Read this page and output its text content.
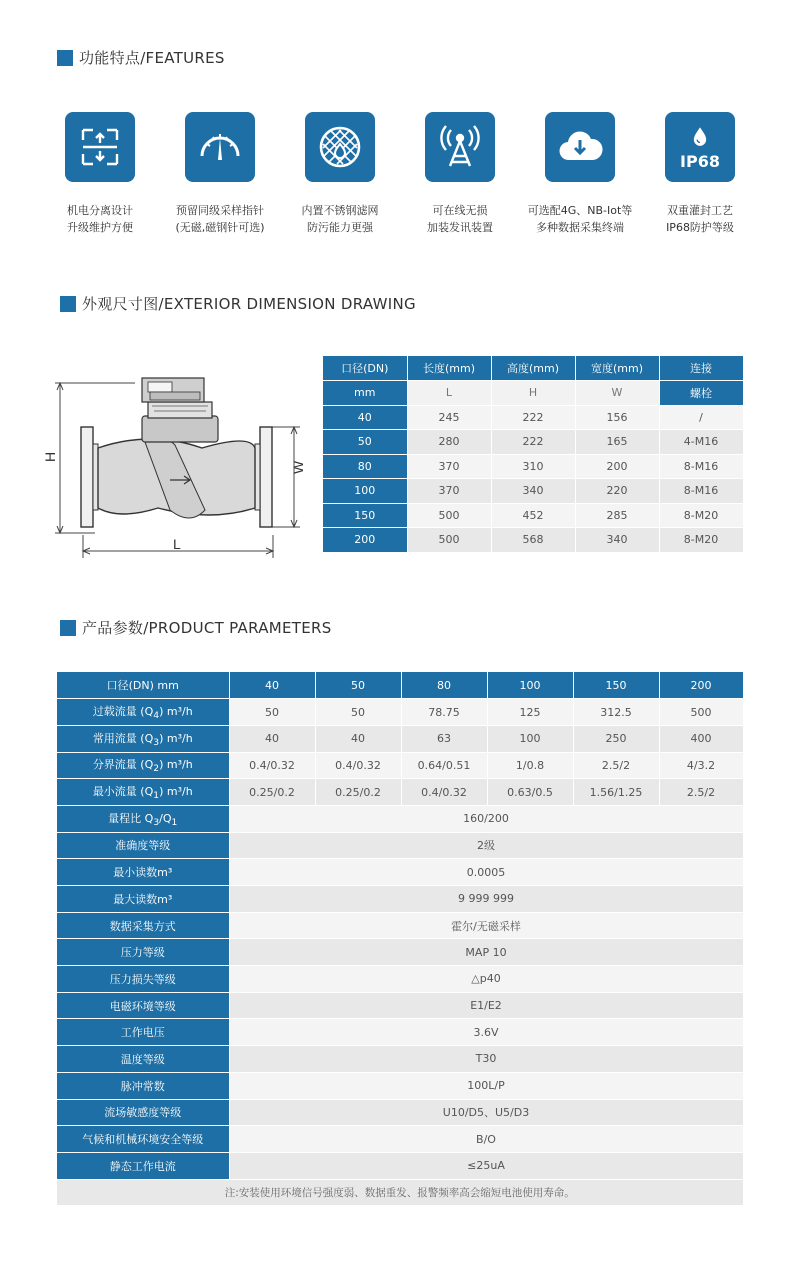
功能特点/FEATURES
外观尺寸图/EXTERIOR DIMENSION DRAWING
产品参数/PRODUCT PARAMETERS
机电分离设计
升级维护方便
预留同级采样指针
(无磁,磁钢针可选)
内置不锈钢滤网
防污能力更强
可在线无损
加装发讯装置
可选配4G、NB-Iot等
多种数据采集终端
IP68
双重灌封工艺
IP68防护等级
H
W
L
口径(DN)	长度(mm)	高度(mm)	宽度(mm)	连接
mm	L	H	W	螺栓
40	245	222	156	/
50	280	222	165	4-M16
80	370	310	200	8-M16
100	370	340	220	8-M16
150	500	452	285	8-M20
200	500	568	340	8-M20
口径(DN) mm	40	50	80	100	150	200
过载流量 $(Q_4)$ m³/h	50	50	78.75	125	312.5	500
常用流量 $(Q_3)$ m³/h	40	40	63	100	250	400
分界流量 $(Q_2)$ m³/h	0.4/0.32	0.4/0.32	0.64/0.51	1/0.8	2.5/2	4/3.2
最小流量 $(Q_1)$ m³/h	0.25/0.2	0.25/0.2	0.4/0.32	0.63/0.5	1.56/1.25	2.5/2
量程比 $Q_3/Q_1$	160/200					
准确度等级	2级					
最小读数m³	0.0005					
最大读数m³	9 999 999					
数据采集方式	霍尔/无磁采样					
压力等级	MAP 10					
压力损失等级	△p40					
电磁环境等级	E1/E2					
工作电压	3.6V					
温度等级	T30					
脉冲常数	100L/P					
流场敏感度等级	U10/D5、U5/D3					
气候和机械环境安全等级	B/O					
静态工作电流	≤25uA					
注:安装使用环境信号强度弱、数据重发、报警频率高会缩短电池使用寿命。						
